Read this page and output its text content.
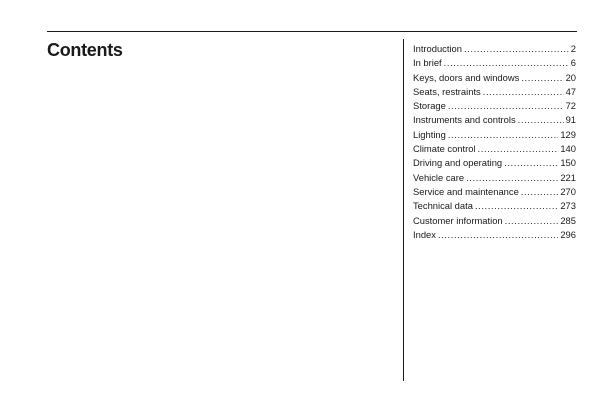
Contents	Introduction .....	2
In brief .....	6
Keys, doors and windows .....	20
Seats, restraints .....	47
Storage .....	72
Instruments and controls .....	91
Lighting .....	129
Climate control .....	140
Driving and operating .....	150
Vehicle care .....	221
Service and maintenance .....	270
Technical data .....	273
Customer information .....	285
Index .....	296
